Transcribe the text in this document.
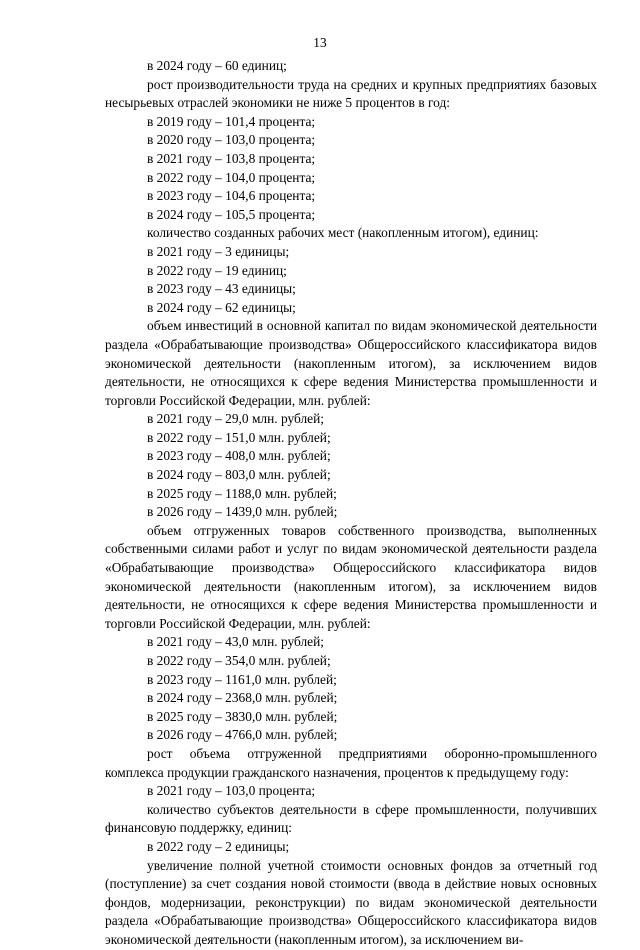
13

в 2024 году – 60 единиц;

рост производительности труда на средних и крупных предприятиях базовых несырьевых отраслей экономики не ниже 5 процентов в год:

в 2019 году – 101,4 процента;

в 2020 году – 103,0 процента;

в 2021 году – 103,8 процента;

в 2022 году – 104,0 процента;

в 2023 году – 104,6 процента;

в 2024 году – 105,5 процента;

количество созданных рабочих мест (накопленным итогом), единиц:

в 2021 году – 3 единицы;

в 2022 году – 19 единиц;

в 2023 году – 43 единицы;

в 2024 году – 62 единицы;

объем инвестиций в основной капитал по видам экономической деятельности раздела «Обрабатывающие производства» Общероссийского классификатора видов экономической деятельности (накопленным итогом), за исключением видов деятельности, не относящихся к сфере ведения Министерства промышленности и торговли Российской Федерации, млн. рублей:

в 2021 году – 29,0 млн. рублей;

в 2022 году – 151,0 млн. рублей;

в 2023 году – 408,0 млн. рублей;

в 2024 году – 803,0 млн. рублей;

в 2025 году – 1188,0 млн. рублей;

в 2026 году – 1439,0 млн. рублей;

объем отгруженных товаров собственного производства, выполненных собственными силами работ и услуг по видам экономической деятельности раздела «Обрабатывающие производства» Общероссийского классификатора видов экономической деятельности (накопленным итогом), за исключением видов деятельности, не относящихся к сфере ведения Министерства промышленности и торговли Российской Федерации, млн. рублей:

в 2021 году – 43,0 млн. рублей;

в 2022 году – 354,0 млн. рублей;

в 2023 году – 1161,0 млн. рублей;

в 2024 году – 2368,0 млн. рублей;

в 2025 году – 3830,0 млн. рублей;

в 2026 году – 4766,0 млн. рублей;

рост объема отгруженной предприятиями оборонно-промышленного комплекса продукции гражданского назначения, процентов к предыдущему году:

в 2021 году – 103,0 процента;

количество субъектов деятельности в сфере промышленности, получивших финансовую поддержку, единиц:

в 2022 году – 2 единицы;

увеличение полной учетной стоимости основных фондов за отчетный год (поступление) за счет создания новой стоимости (ввода в действие новых основных фондов, модернизации, реконструкции) по видам экономической деятельности раздела «Обрабатывающие производства» Общероссийского классификатора видов экономической деятельности (накопленным итогом), за исключением ви-
